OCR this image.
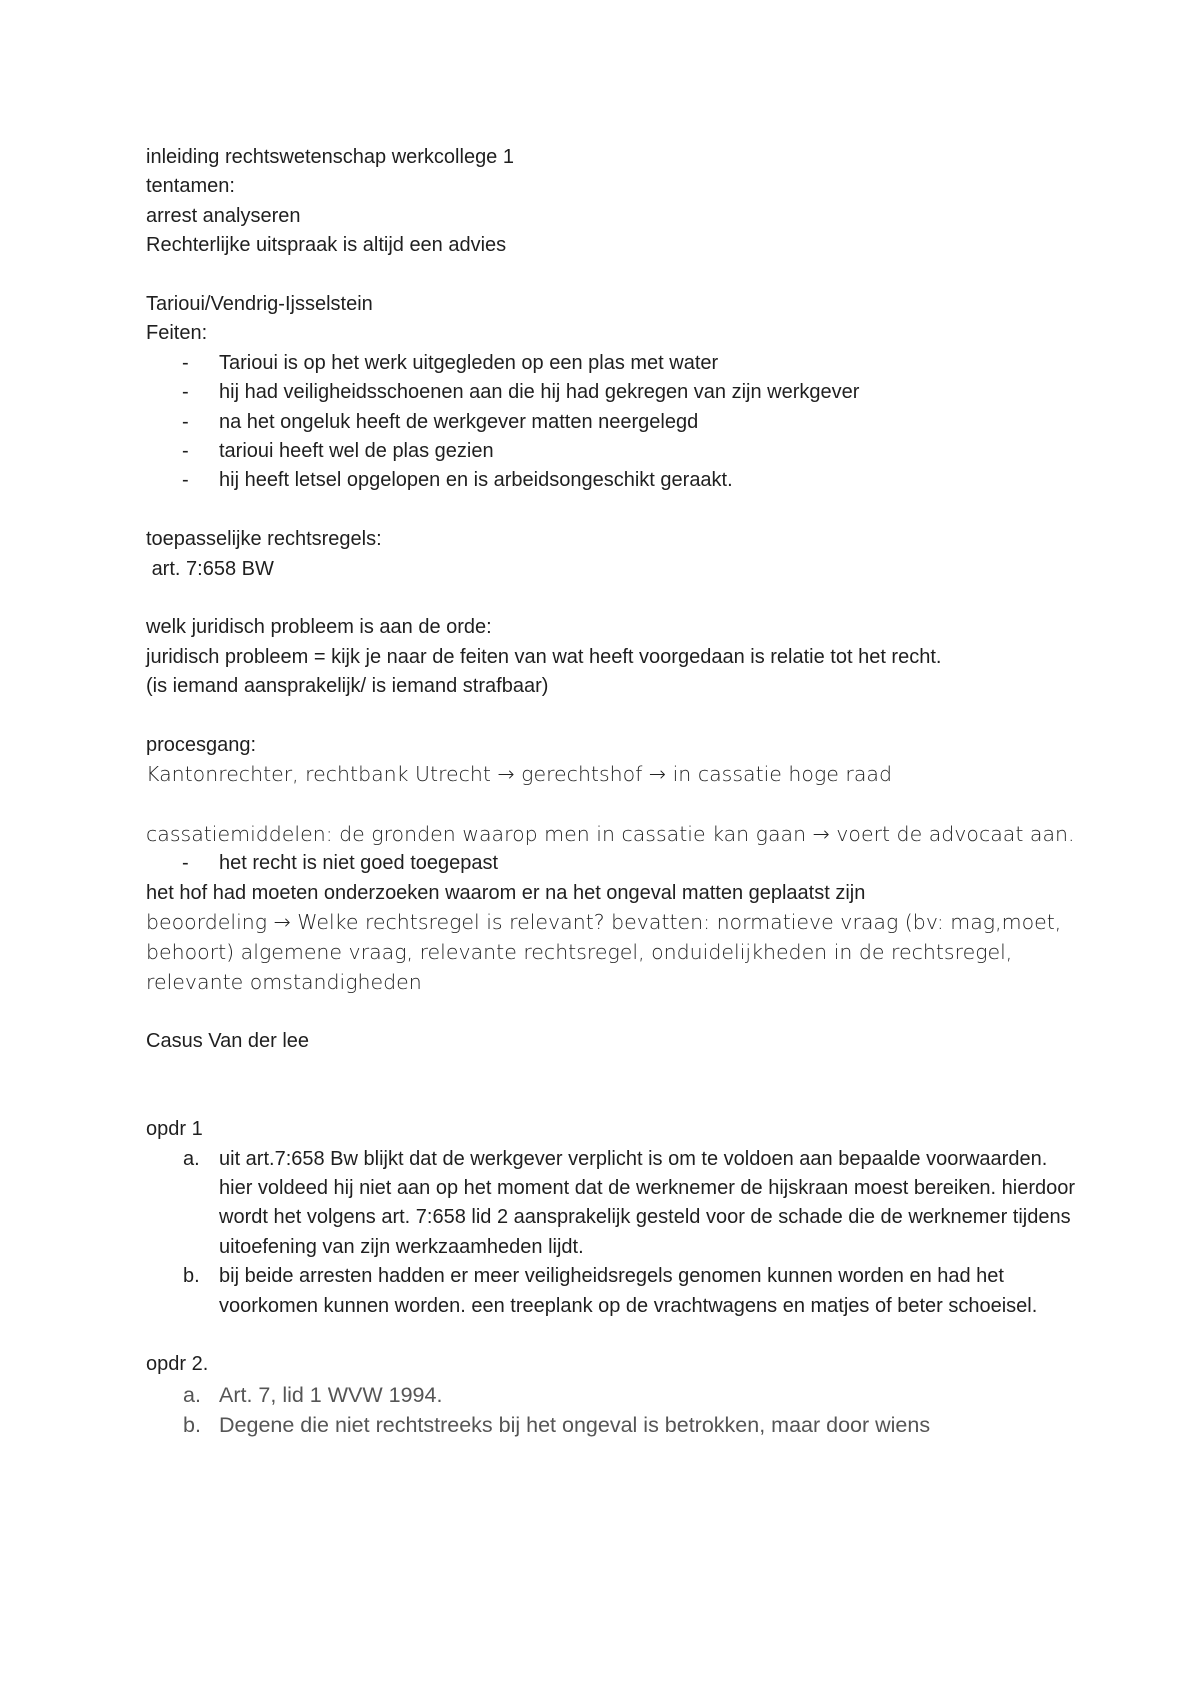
inleiding rechtswetenschap werkcollege 1

tentamen:

arrest analyseren

Rechterlijke uitspraak is altijd een advies

Tarioui/Vendrig-Ijsselstein

Feiten:

- Tarioui is op het werk uitgegleden op een plas met water
- hij had veiligheidsschoenen aan die hij had gekregen van zijn werkgever
- na het ongeluk heeft de werkgever matten neergelegd
- tarioui heeft wel de plas gezien
- hij heeft letsel opgelopen en is arbeidsongeschikt geraakt.

toepasselijke rechtsregels:

art. 7:658 BW

welk juridisch probleem is aan de orde:

juridisch probleem = kijk je naar de feiten van wat heeft voorgedaan is relatie tot het recht.

(is iemand aansprakelijk/ is iemand strafbaar)

procesgang:

Kantonrechter, rechtbank Utrecht → gerechtshof → in cassatie hoge raad

cassatiemiddelen: de gronden waarop men in cassatie kan gaan → voert de advocaat aan.

- het recht is niet goed toegepast

het hof had moeten onderzoeken waarom er na het ongeval matten geplaatst zijn

beoordeling → Welke rechtsregel is relevant? bevatten: normatieve vraag (bv: mag,moet, behoort) algemene vraag, relevante rechtsregel, onduidelijkheden in de rechtsregel, relevante omstandigheden

Casus Van der lee

opdr 1

a. uit art.7:658 Bw blijkt dat de werkgever verplicht is om te voldoen aan bepaalde voorwaarden. hier voldeed hij niet aan op het moment dat de werknemer de hijskraan moest bereiken. hierdoor wordt het volgens art. 7:658 lid 2 aansprakelijk gesteld voor de schade die de werknemer tijdens uitoefening van zijn werkzaamheden lijdt.
b. bij beide arresten hadden er meer veiligheidsregels genomen kunnen worden en had het voorkomen kunnen worden. een treeplank op de vrachtwagens en matjes of beter schoeisel.

opdr 2.

a. Art. 7, lid 1 WVW 1994.
b. Degene die niet rechtstreeks bij het ongeval is betrokken, maar door wiens
